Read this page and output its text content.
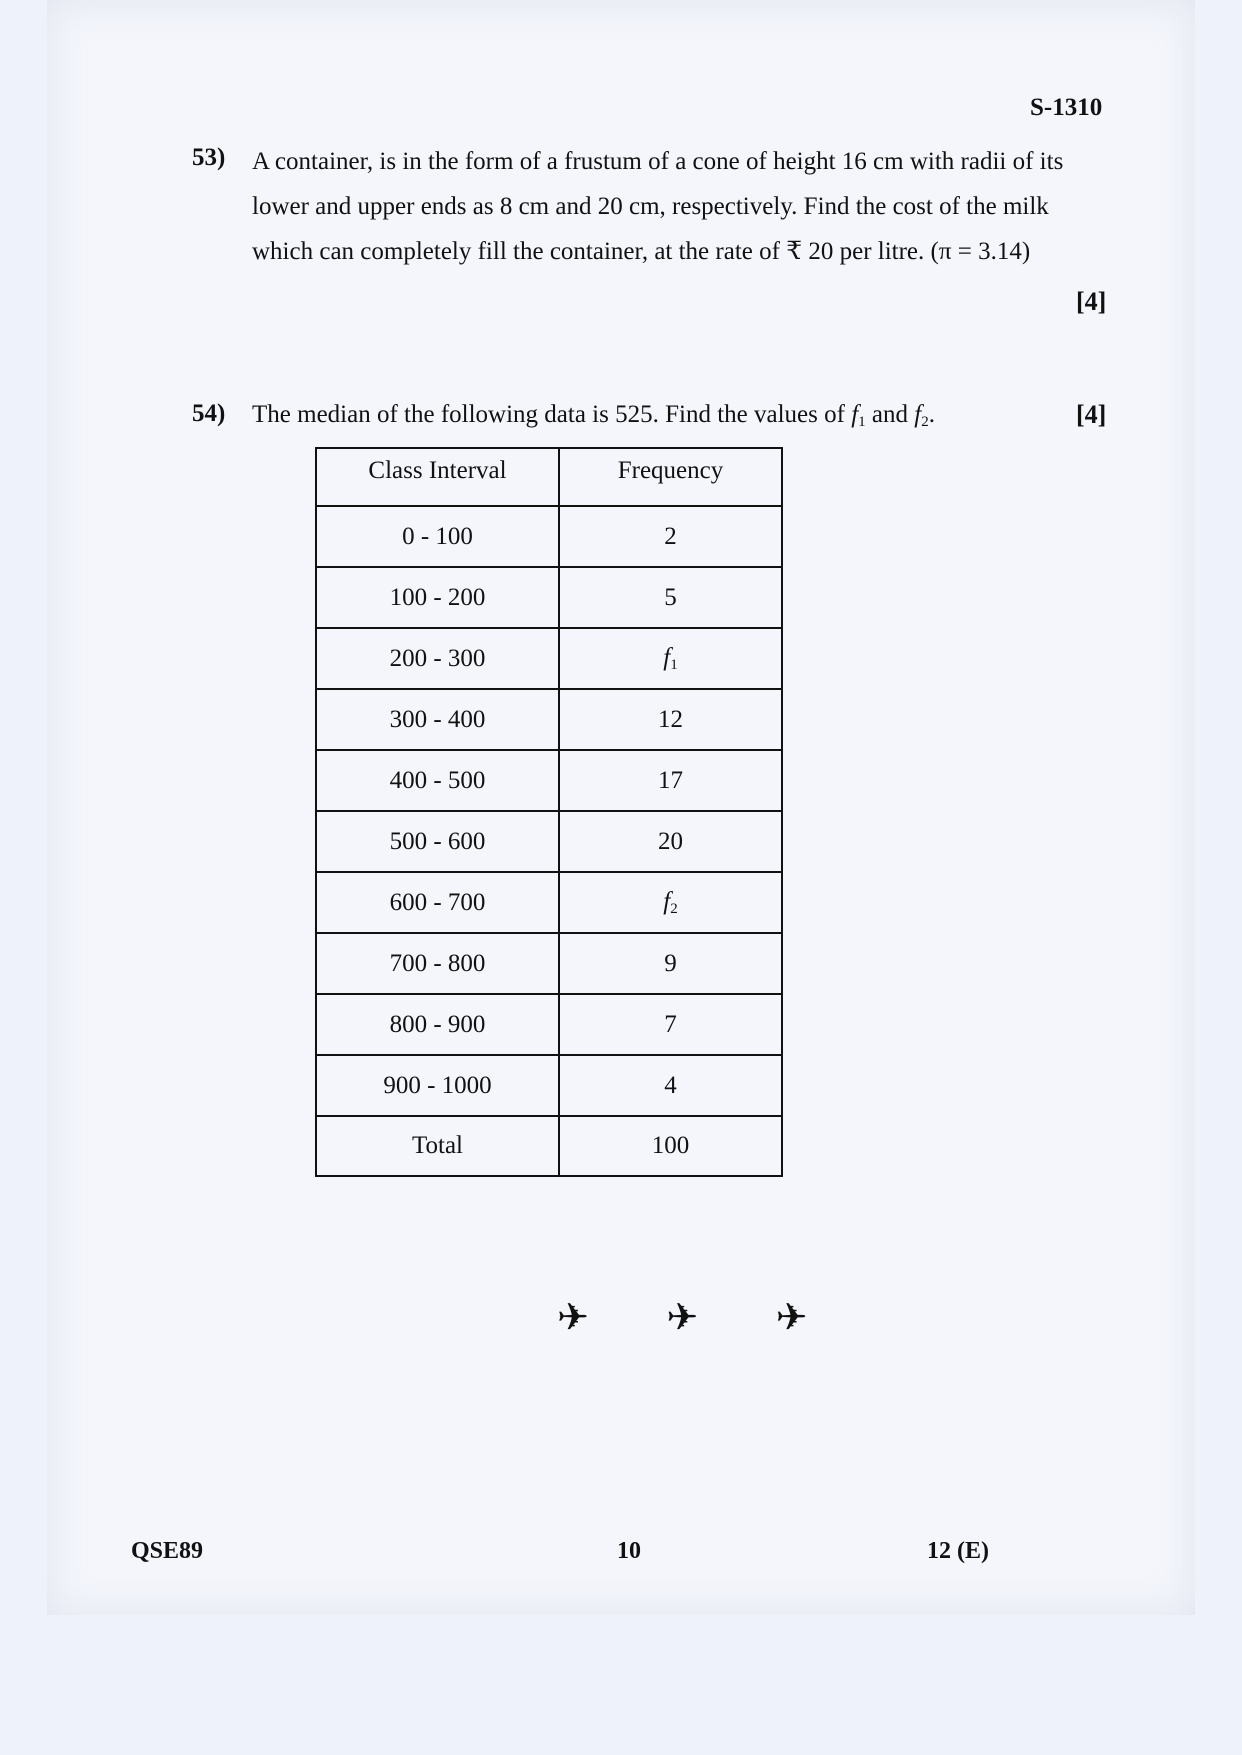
S-1310
53) A container, is in the form of a frustum of a cone of height 16 cm with radii of its
lower and upper ends as 8 cm and 20 cm, respectively. Find the cost of the milk
which can completely fill the container, at the rate of ₹ 20 per litre. (π = 3.14)
[4]
54) The median of the following data is 525. Find the values of $f_1$ and $f_2$.	[4]
Class Interval	Frequency
0 - 100	2
100 - 200	5
200 - 300	$f_1$
300 - 400	12
400 - 500	17
500 - 600	20
600 - 700	$f_2$
700 - 800	9
800 - 900	7
900 - 1000	4
Total	100
✈ ✈ ✈
QSE89	10	12 (E)
